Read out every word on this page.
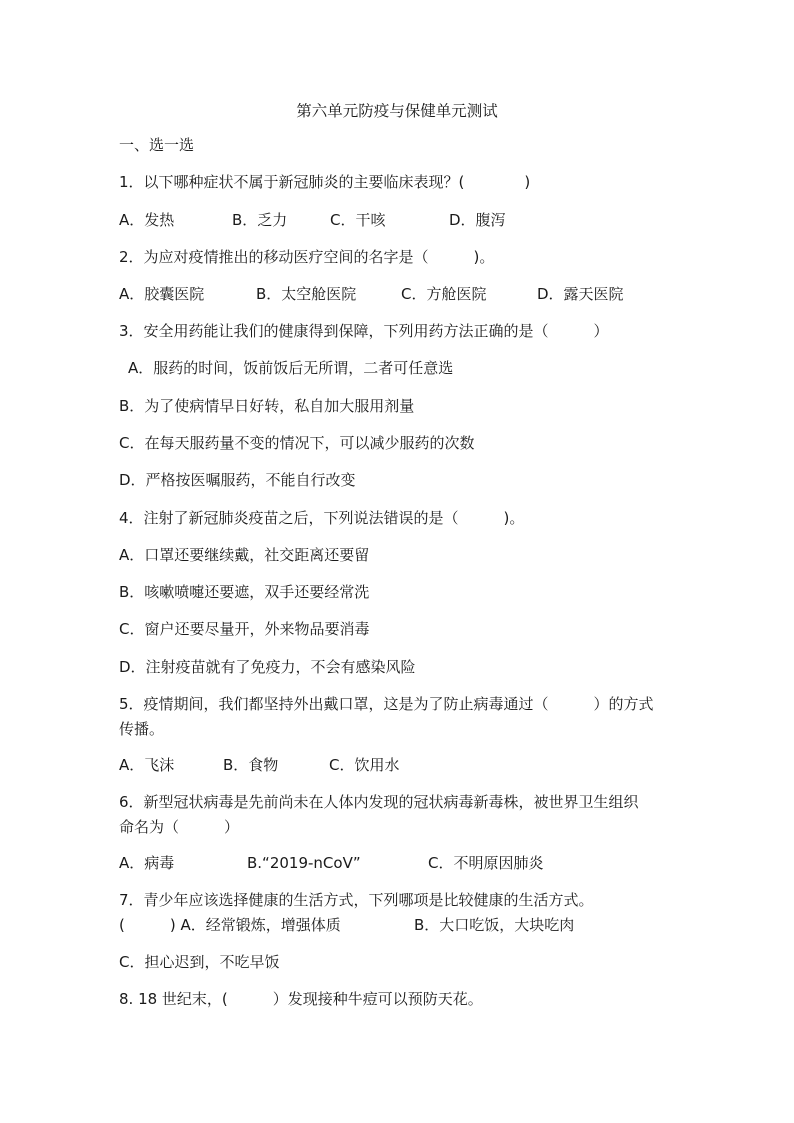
第六单元防疫与保健单元测试
一、选一选
1．以下哪种症状不属于新冠肺炎的主要临床表现？(　　　　)
A．发热	B．乏力	C．干咳	D．腹泻
2．为应对疫情推出的移动医疗空间的名字是（　　　)。
A．胶囊医院	B．太空舱医院	C．方舱医院	D．露天医院
3．安全用药能让我们的健康得到保障，下列用药方法正确的是（　　　）
A．服药的时间，饭前饭后无所谓，二者可任意选
B．为了使病情早日好转，私自加大服用剂量
C．在每天服药量不变的情况下，可以减少服药的次数
D．严格按医嘱服药，不能自行改变
4．注射了新冠肺炎疫苗之后，下列说法错误的是（　　　)。
A．口罩还要继续戴，社交距离还要留
B．咳嗽喷嚏还要遮，双手还要经常洗
C．窗户还要尽量开，外来物品要消毒
D．注射疫苗就有了免疫力，不会有感染风险
5．疫情期间，我们都坚持外出戴口罩，这是为了防止病毒通过（　　　）的方式
传播。
A．飞沫	B．食物	C．饮用水
6．新型冠状病毒是先前尚未在人体内发现的冠状病毒新毒株，被世界卫生组织
命名为（　　　）
A．病毒	B.“2019-nCoV”	C．不明原因肺炎
7．青少年应该选择健康的生活方式，下列哪项是比较健康的生活方式。
(　　　) A．经常锻炼，增强体质	B．大口吃饭，大块吃肉
C．担心迟到，不吃早饭
8. 18 世纪末，(　　　）发现接种牛痘可以预防天花。
